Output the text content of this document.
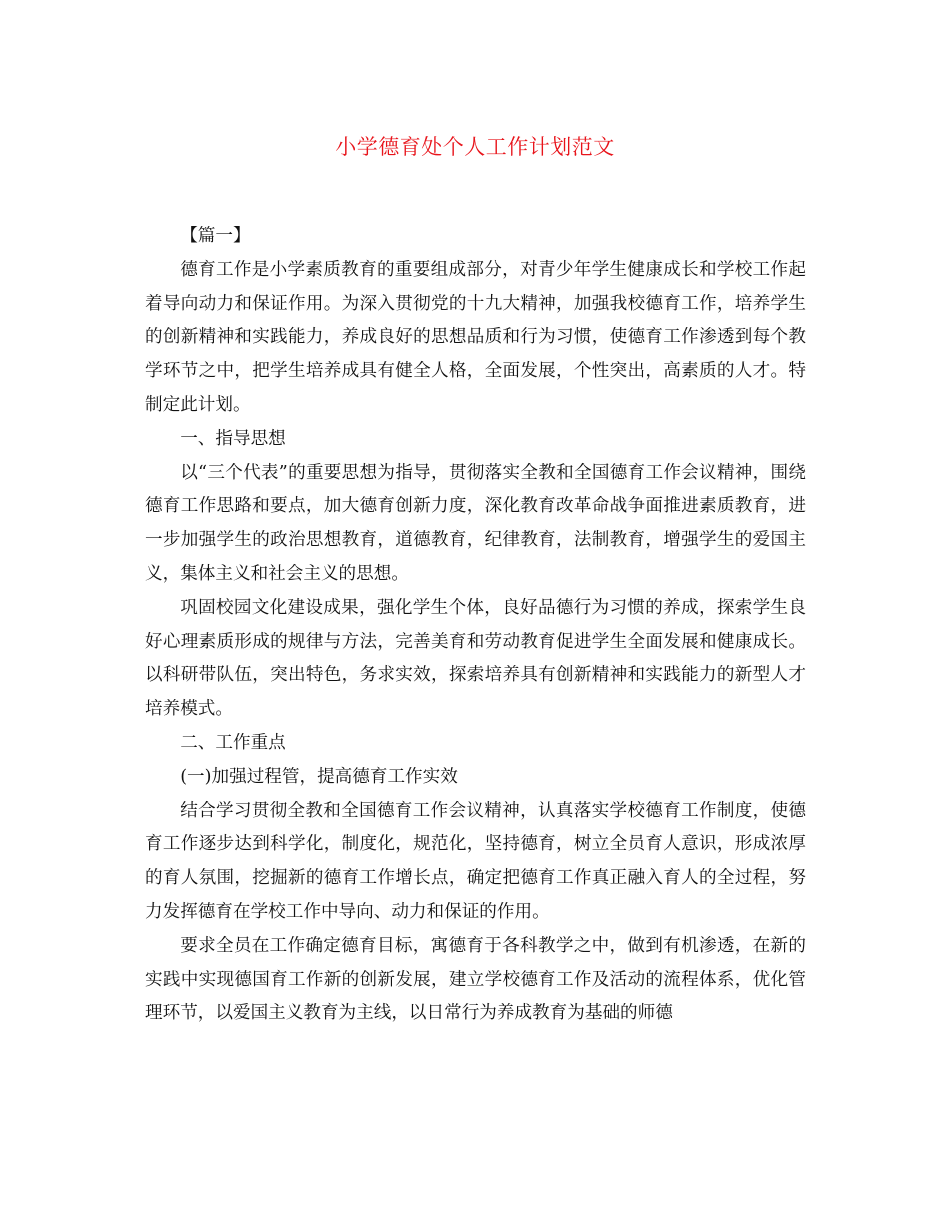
小学德育处个人工作计划范文

【篇一】

德育工作是小学素质教育的重要组成部分，对青少年学生健康成长和学校工作起着导向动力和保证作用。为深入贯彻党的十九大精神，加强我校德育工作，培养学生的创新精神和实践能力，养成良好的思想品质和行为习惯，使德育工作渗透到每个教学环节之中，把学生培养成具有健全人格，全面发展，个性突出，高素质的人才。特制定此计划。

一、指导思想

以“三个代表”的重要思想为指导，贯彻落实全教和全国德育工作会议精神，围绕德育工作思路和要点，加大德育创新力度，深化教育改革命战争面推进素质教育，进一步加强学生的政治思想教育，道德教育，纪律教育，法制教育，增强学生的爱国主义，集体主义和社会主义的思想。

巩固校园文化建设成果，强化学生个体，良好品德行为习惯的养成，探索学生良好心理素质形成的规律与方法，完善美育和劳动教育促进学生全面发展和健康成长。以科研带队伍，突出特色，务求实效，探索培养具有创新精神和实践能力的新型人才培养模式。

二、工作重点

(一)加强过程管，提高德育工作实效

结合学习贯彻全教和全国德育工作会议精神，认真落实学校德育工作制度，使德育工作逐步达到科学化，制度化，规范化，坚持德育，树立全员育人意识，形成浓厚的育人氛围，挖掘新的德育工作增长点，确定把德育工作真正融入育人的全过程，努力发挥德育在学校工作中导向、动力和保证的作用。

要求全员在工作确定德育目标，寓德育于各科教学之中，做到有机渗透，在新的实践中实现德国育工作新的创新发展，建立学校德育工作及活动的流程体系，优化管理环节，以爱国主义教育为主线，以日常行为养成教育为基础的师德
